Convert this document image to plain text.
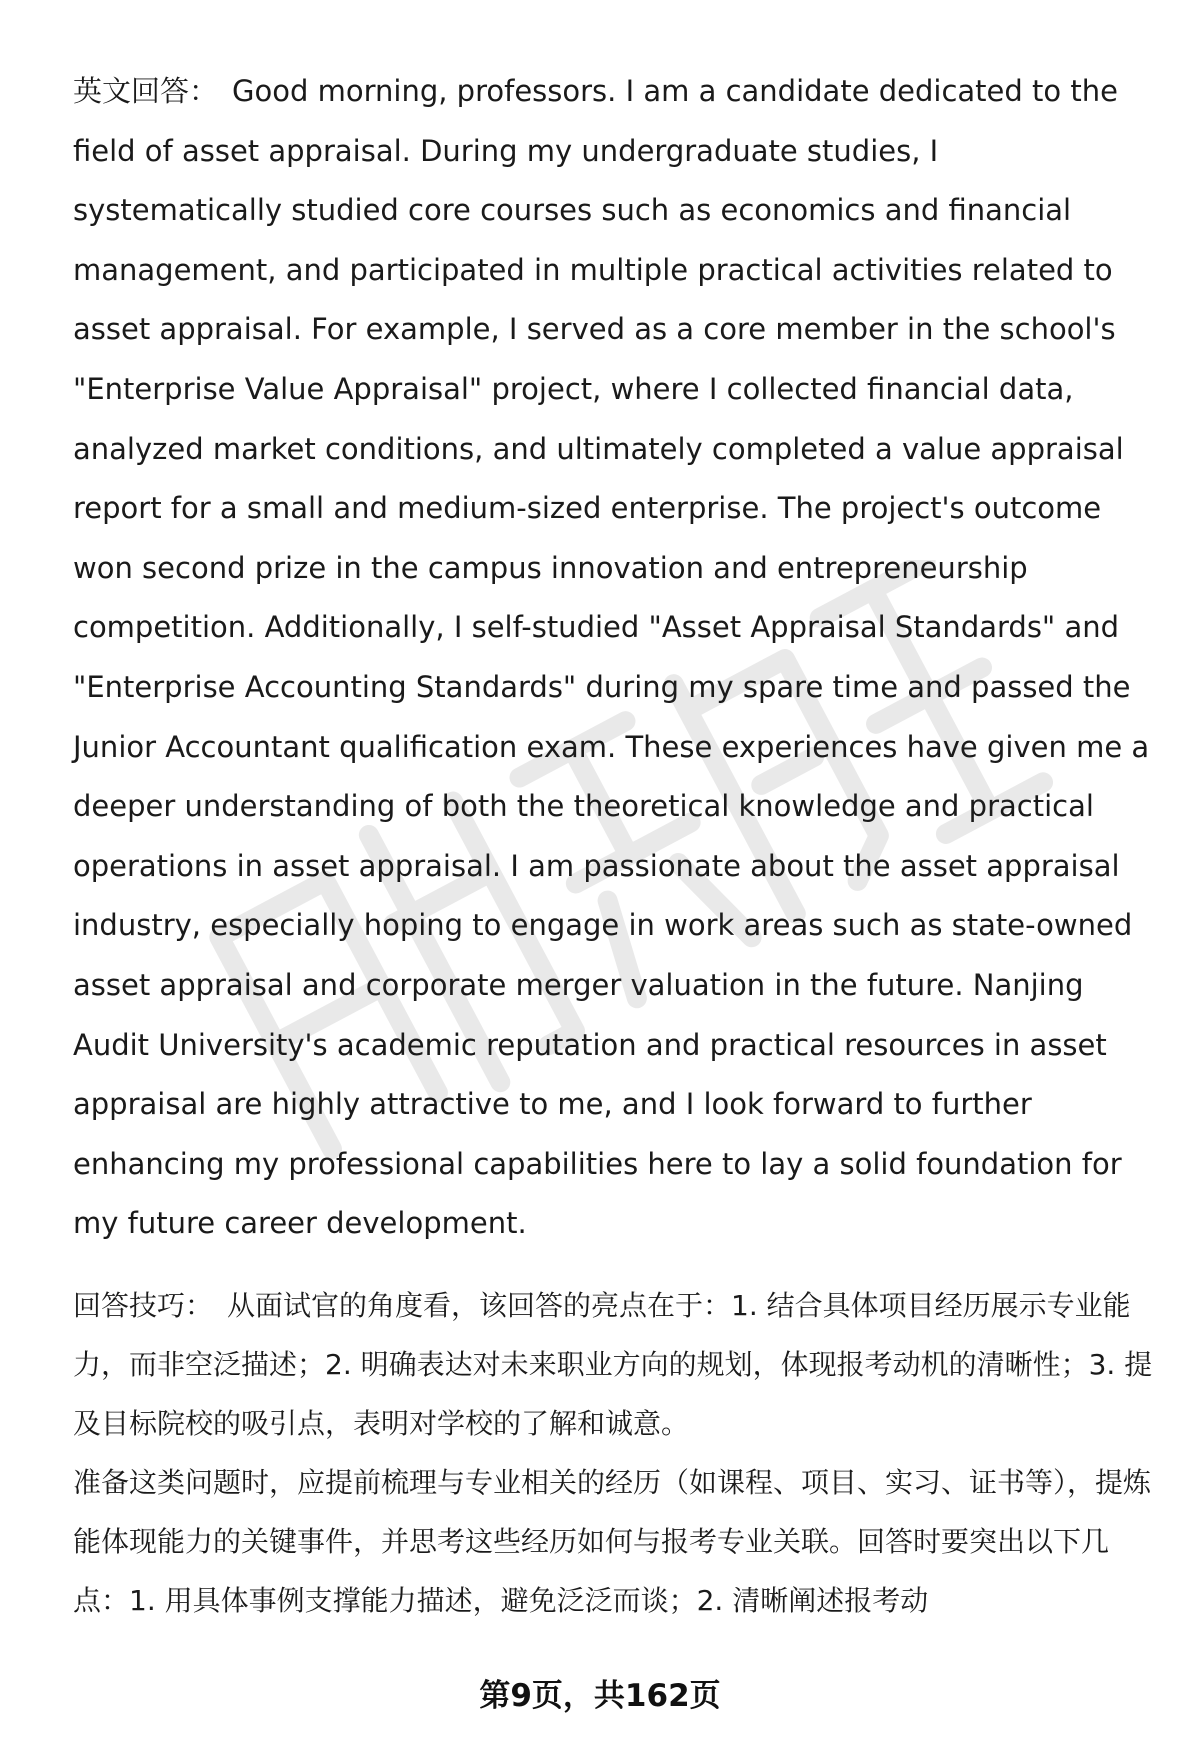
英文回答： Good morning, professors. I am a candidate dedicated to the field of asset appraisal. During my undergraduate studies, I systematically studied core courses such as economics and financial management, and participated in multiple practical activities related to asset appraisal. For example, I served as a core member in the school's "Enterprise Value Appraisal" project, where I collected financial data, analyzed market conditions, and ultimately completed a value appraisal report for a small and medium-sized enterprise. The project's outcome won second prize in the campus innovation and entrepreneurship competition. Additionally, I self-studied "Asset Appraisal Standards" and "Enterprise Accounting Standards" during my spare time and passed the Junior Accountant qualification exam. These experiences have given me a deeper understanding of both the theoretical knowledge and practical operations in asset appraisal. I am passionate about the asset appraisal industry, especially hoping to engage in work areas such as state-owned asset appraisal and corporate merger valuation in the future. Nanjing Audit University's academic reputation and practical resources in asset appraisal are highly attractive to me, and I look forward to further enhancing my professional capabilities here to lay a solid foundation for my future career development.

回答技巧： 从面试官的角度看，该回答的亮点在于：1. 结合具体项目经历展示专业能力，而非空泛描述；2. 明确表达对未来职业方向的规划，体现报考动机的清晰性；3. 提及目标院校的吸引点，表明对学校的了解和诚意。

准备这类问题时，应提前梳理与专业相关的经历（如课程、项目、实习、证书等），提炼能体现能力的关键事件，并思考这些经历如何与报考专业关联。回答时要突出以下几点：1. 用具体事例支撑能力描述，避免泛泛而谈；2. 清晰阐述报考动

第9页，共162页
